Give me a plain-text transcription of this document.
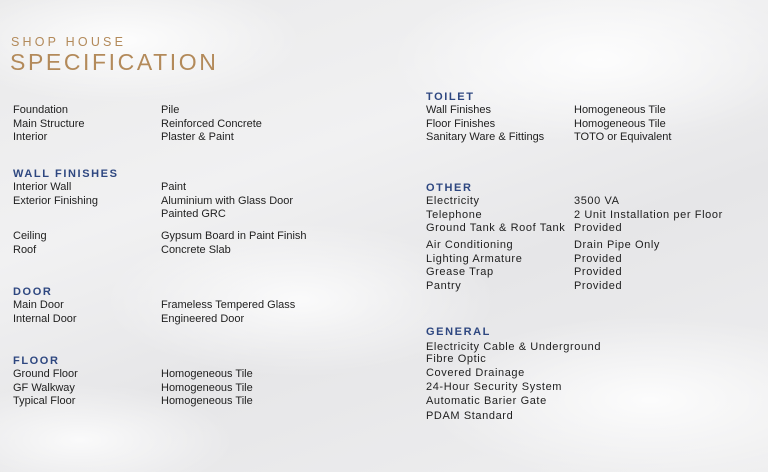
SHOP HOUSE
SPECIFICATION
Foundation	Pile
Main Structure	Reinforced Concrete
Interior	Plaster & Paint
WALL FINISHES
Interior Wall	Paint
Exterior Finishing	Aluminium with Glass Door
Painted GRC
Ceiling	Gypsum Board in Paint Finish
Roof	Concrete Slab
DOOR
Main Door	Frameless Tempered Glass
Internal Door	Engineered Door
FLOOR
Ground Floor	Homogeneous Tile
GF Walkway	Homogeneous Tile
Typical Floor	Homogeneous Tile
TOILET
Wall Finishes	Homogeneous Tile
Floor Finishes	Homogeneous Tile
Sanitary Ware & Fittings	TOTO or Equivalent
OTHER
Electricity	3500 VA
Telephone	2 Unit Installation per Floor
Ground Tank & Roof Tank Provided
Air Conditioning	Drain Pipe Only
Lighting Armature	Provided
Grease Trap	Provided
Pantry	Provided
GENERAL
Electricity Cable & Underground
Fibre Optic
Covered Drainage
24-Hour Security System
Automatic Barier Gate
PDAM Standard
